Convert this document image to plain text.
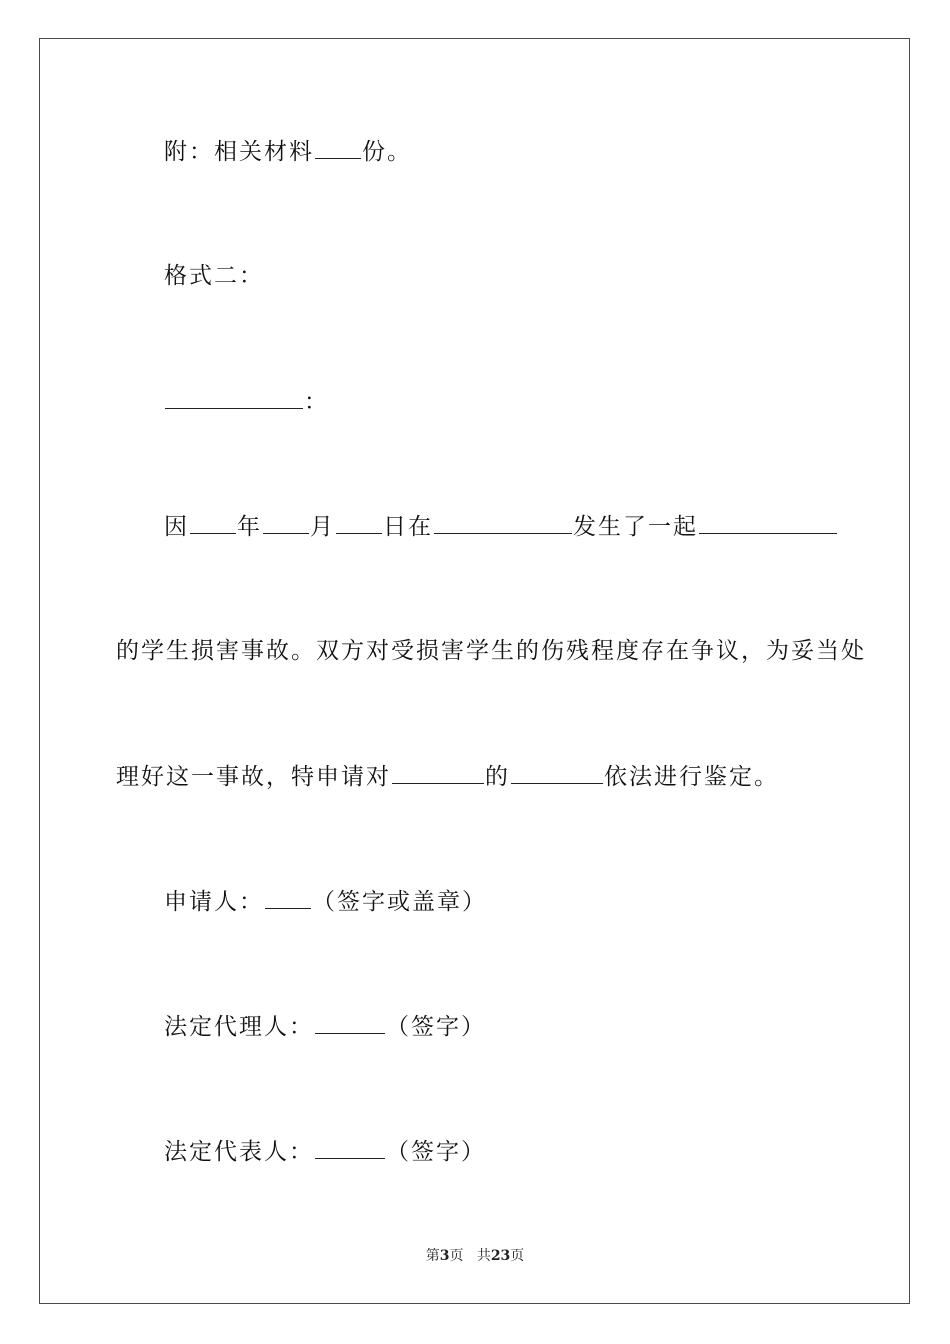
附：相关材料 份。
格式二：
：
因 年 月 日在	发生了一起
的学生损害事故。双方对受损害学生的伤残程度存在争议，为妥当处
理好这一事故，特申请对	的	依法进行鉴定。
申请人： （签字或盖章）
法定代理人：	（签字）
法定代表人：	（签字）
第3页 共23页
